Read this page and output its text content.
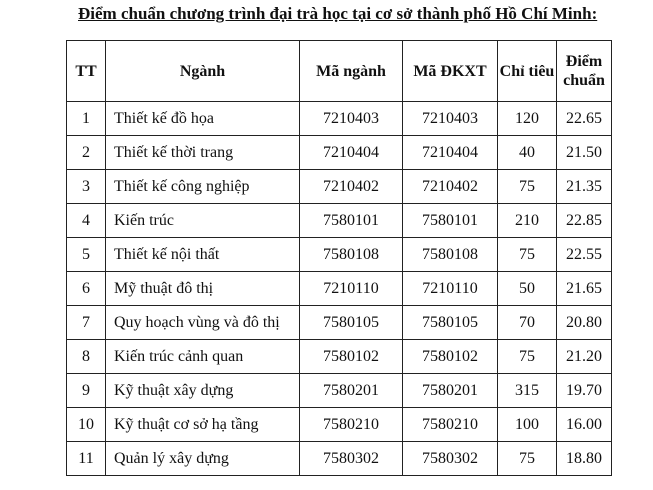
Điểm chuẩn chương trình đại trà học tại cơ sở thành phố Hồ Chí Minh:
TT	Ngành	Mã ngành	Mã ĐKXT	Chỉ tiêu	Điểm
chuẩn

1	Thiết kế đồ họa	7210403	7210403	120	22.65
2	Thiết kế thời trang	7210404	7210404	40	21.50
3	Thiết kế công nghiệp	7210402	7210402	75	21.35
4	Kiến trúc	7580101	7580101	210	22.85
5	Thiết kế nội thất	7580108	7580108	75	22.55
6	Mỹ thuật đô thị	7210110	7210110	50	21.65
7	Quy hoạch vùng và đô thị	7580105	7580105	70	20.80
8	Kiến trúc cảnh quan	7580102	7580102	75	21.20
9	Kỹ thuật xây dựng	7580201	7580201	315	19.70
10	Kỹ thuật cơ sở hạ tầng	7580210	7580210	100	16.00
11	Quản lý xây dựng	7580302	7580302	75	18.80
